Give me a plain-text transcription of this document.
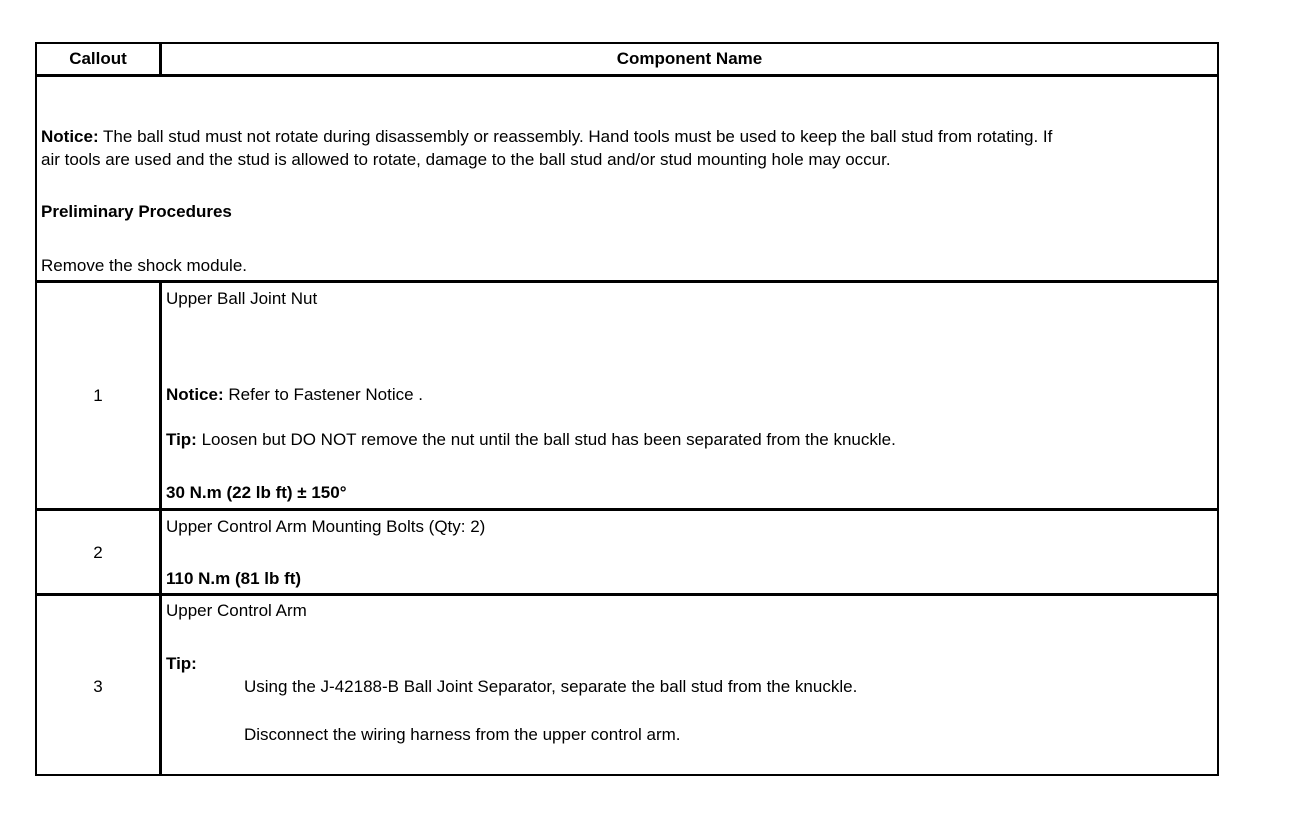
Callout	Component Name
Notice: The ball stud must not rotate during disassembly or reassembly. Hand tools must be used to keep the ball stud from rotating. If
air tools are used and the stud is allowed to rotate, damage to the ball stud and/or stud mounting hole may occur.
Preliminary Procedures
Remove the shock module.
1
Upper Ball Joint Nut
Notice: Refer to Fastener Notice .
Tip: Loosen but DO NOT remove the nut until the ball stud has been separated from the knuckle.
30 N.m (22 lb ft) ± 150°
2
Upper Control Arm Mounting Bolts (Qty: 2)
110 N.m (81 lb ft)
3
Upper Control Arm
Tip:
Using the J-42188-B Ball Joint Separator, separate the ball stud from the knuckle.
Disconnect the wiring harness from the upper control arm.
